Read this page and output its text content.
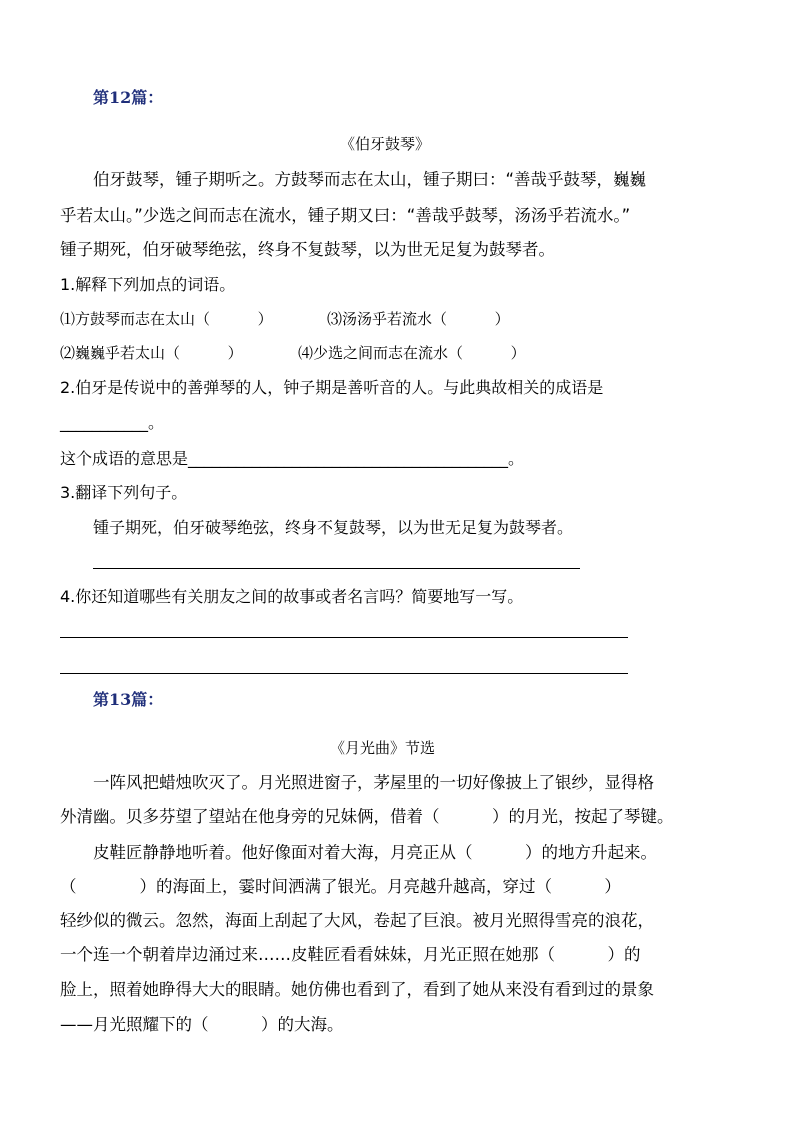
第12篇：
《伯牙鼓琴》
伯牙鼓琴，锺子期听之。方鼓琴而志在太山，锺子期曰：“善哉乎鼓琴，巍巍
乎若太山。”少选之间而志在流水，锺子期又曰：“善哉乎鼓琴，汤汤乎若流水。”
锺子期死，伯牙破琴绝弦，终身不复鼓琴，以为世无足复为鼓琴者。
1.解释下列加点的词语。
⑴方鼓琴而志在太山（          ）	⑶汤汤乎若流水（          ）
⑵巍巍乎若太山（          ）	⑷少选之间而志在流水（          ）
2.伯牙是传说中的善弹琴的人，钟子期是善听音的人。与此典故相关的成语是
___________。
这个成语的意思是________________________________________。
3.翻译下列句子。
锺子期死，伯牙破琴绝弦，终身不复鼓琴，以为世无足复为鼓琴者。
4.你还知道哪些有关朋友之间的故事或者名言吗？简要地写一写。
第13篇：
《月光曲》节选
一阵风把蜡烛吹灭了。月光照进窗子，茅屋里的一切好像披上了银纱，显得格
外清幽。贝多芬望了望站在他身旁的兄妹俩，借着（          ）的月光，按起了琴键。
皮鞋匠静静地听着。他好像面对着大海，月亮正从（          ）的地方升起来。
（            ）的海面上，霎时间洒满了银光。月亮越升越高，穿过（          ）
轻纱似的微云。忽然，海面上刮起了大风，卷起了巨浪。被月光照得雪亮的浪花，
一个连一个朝着岸边涌过来……皮鞋匠看看妹妹，月光正照在她那（          ）的
脸上，照着她睁得大大的眼睛。她仿佛也看到了，看到了她从来没有看到过的景象
——月光照耀下的（          ）的大海。
